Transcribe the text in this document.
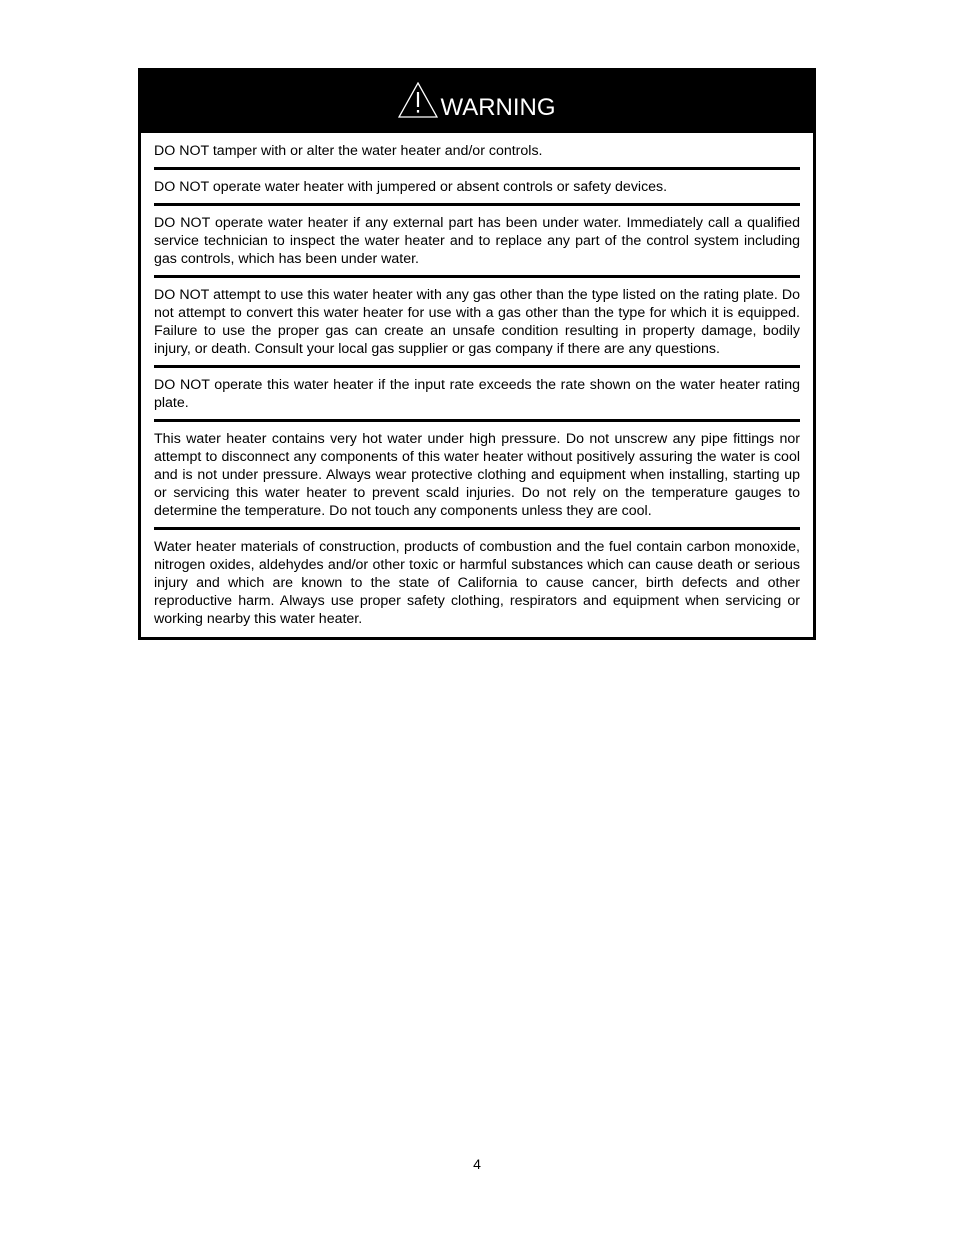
WARNING
DO NOT tamper with or alter the water heater and/or controls.
DO NOT operate water heater with jumpered or absent controls or safety devices.
DO NOT operate water heater if any external part has been under water. Immediately call a qualified service technician to inspect the water heater and to replace any part of the control system including gas controls, which has been under water.
DO NOT attempt to use this water heater with any gas other than the type listed on the rating plate. Do not attempt to convert this water heater for use with a gas other than the type for which it is equipped. Failure to use the proper gas can create an unsafe condition resulting in property damage, bodily injury, or death. Consult your local gas supplier or gas company if there are any questions.
DO NOT operate this water heater if the input rate exceeds the rate shown on the water heater rating plate.
This water heater contains very hot water under high pressure. Do not unscrew any pipe fittings nor attempt to disconnect any components of this water heater without positively assuring the water is cool and is not under pressure. Always wear protective clothing and equipment when installing, starting up or servicing this water heater to prevent scald injuries. Do not rely on the temperature gauges to determine the temperature. Do not touch any components unless they are cool.
Water heater materials of construction, products of combustion and the fuel contain carbon monoxide, nitrogen oxides, aldehydes and/or other toxic or harmful substances which can cause death or serious injury and which are known to the state of California to cause cancer, birth defects and other reproductive harm. Always use proper safety clothing, respirators and equipment when servicing or working nearby this water heater.
4
